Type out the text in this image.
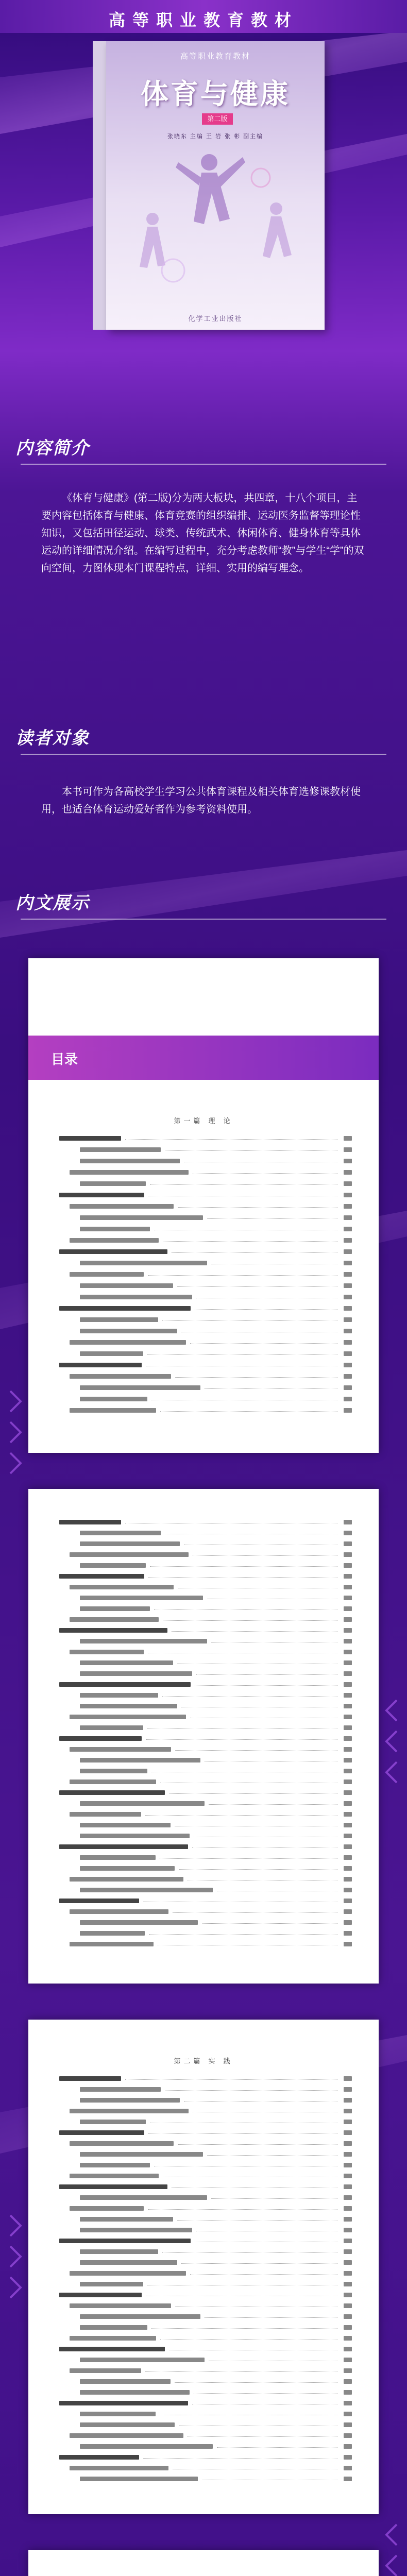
高等职业教育教材
高等职业教育教材
体育与健康
第二版
张晓东 主编 王 岩 张 彬 副主编
化学工业出版社
内容简介

《体育与健康》(第二版)分为两大板块，共四章，十八个项目，主要内容包括体育与健康、体育竞赛的组织编排、运动医务监督等理论性知识，又包括田径运动、球类、传统武术、休闲体育、健身体育等具体运动的详细情况介绍。在编写过程中，充分考虑教师“教”与学生“学”的双向空间，力图体现本门课程特点，详细、实用的编写理念。

读者对象

本书可作为各高校学生学习公共体育课程及相关体育选修课教材使用，也适合体育运动爱好者作为参考资料使用。

内文展示
目录
第一篇 理 论
第二篇 实 践
